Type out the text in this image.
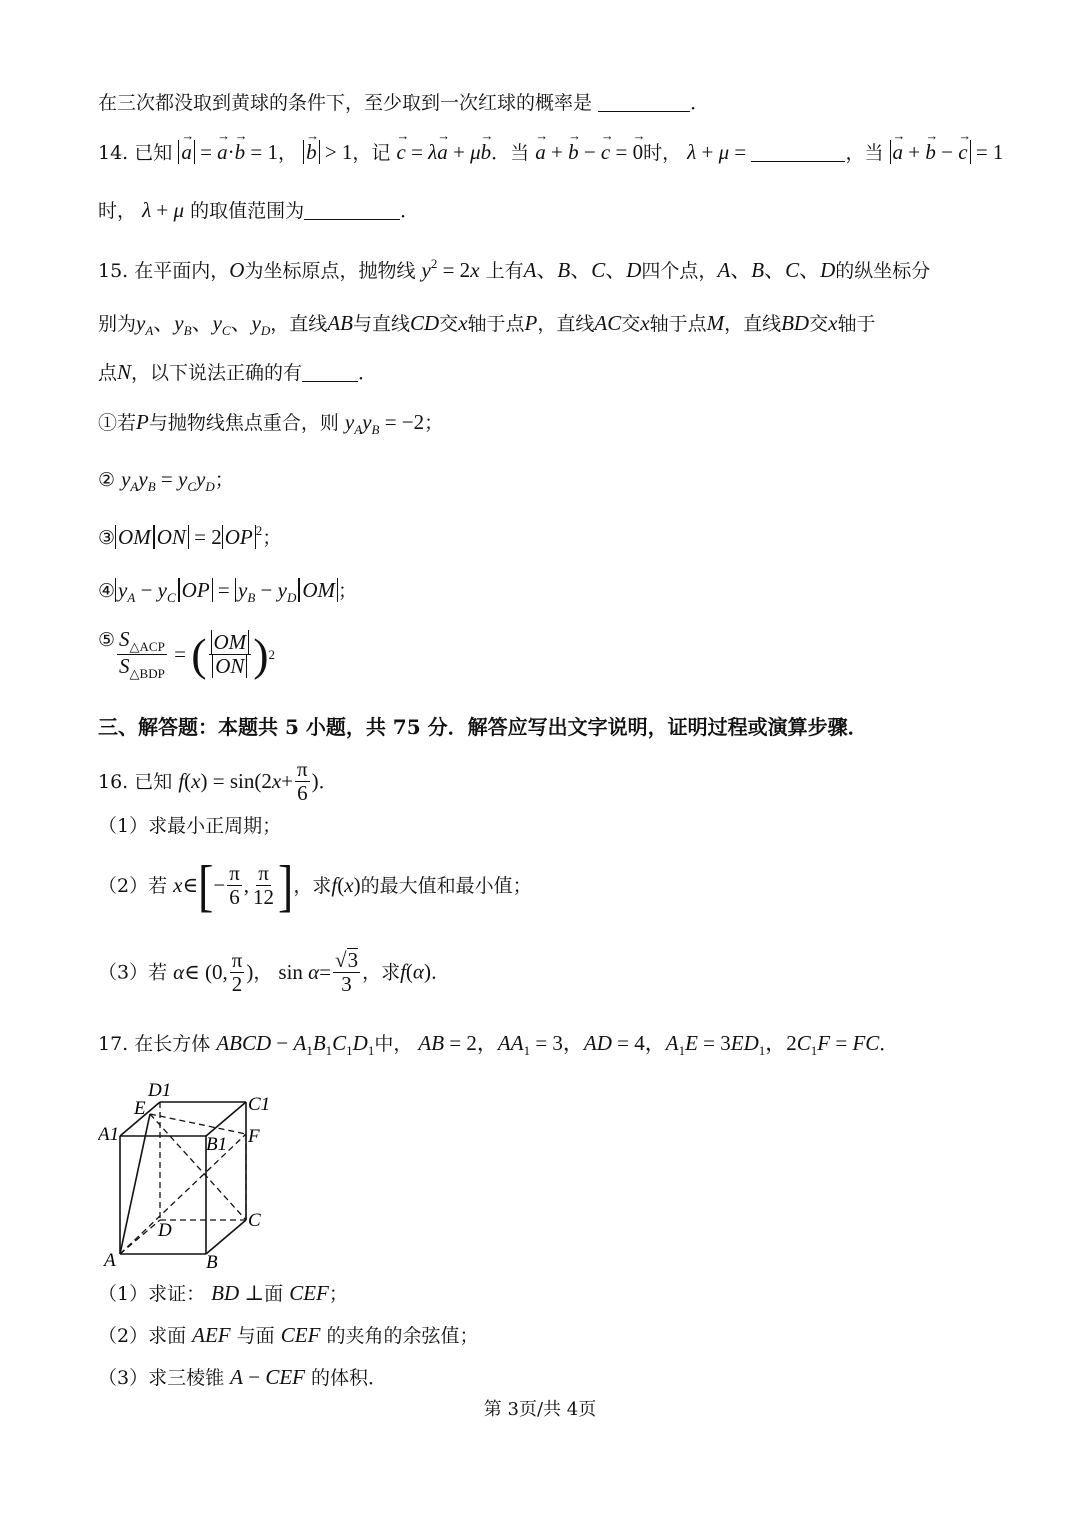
在三次都没取到黄球的条件下，至少取到一次红球的概率是	．
14. 已知 → a = → a·→ b = 1， → b > 1，记 → c = λ→ a + μ→ b．当 → a + → b − → c = → 0时， λ + μ =	，当 → a + → b − → c = 1
时， λ + μ 的取值范围为	．
15. 在平面内，O为坐标原点，抛物线 $y^2 = 2x$ 上有A、B、C、D四个点，A、B、C、D的纵坐标分
别为$y_A$、$y_B$、$y_C$、$y_D$，直线AB与直线CD交x轴于点P，直线AC交x轴于点M，直线BD交x轴于
点N，以下说法正确的有	．
①若P与抛物线焦点重合，则 $y_Ay_B = -2$；
② $y_Ay_B = y_Cy_D$；
③ OM ON = 2 OP $^2$；
④ $y_A - y_C$ OP = $y_B - y_D$ OM ；
⑤ $\frac{S_{\triangle ACP}}{S_{\triangle BDP}}$ = ( $\frac{OM}{ON}$ ) 2
三、解答题：本题共 5 小题，共 75 分．解答应写出文字说明，证明过程或演算步骤．
16. 已知 f ( x ) = sin(2 $x + \frac{\pi}{6}$ ) ．
（1）求最小正周期；
（2）若 x ∈ [ − $\frac{\pi}{6}$ , $\frac{\pi}{12}$ ] ，求f(x)的最大值和最小值；
（3）若 α ∈ (0, $\frac{\pi}{2}$ ) ， $\sin \alpha = \frac{√3}{3}$ ，求f(α)．
17. 在长方体 ABCD − $A_1B_1C_1D_1$中， AB = 2，$AA_1 = 3$，AD = 4，$A_1E = 3ED_1$，$2C_1F$ = FC．
D1
C1
E
A1	B1 F
D	C
A	B
（1）求证： BD ⊥面 CEF；
（2）求面 AEF 与面 CEF 的夹角的余弦值；
（3）求三棱锥 A − CEF 的体积．
第 3页/共 4页
